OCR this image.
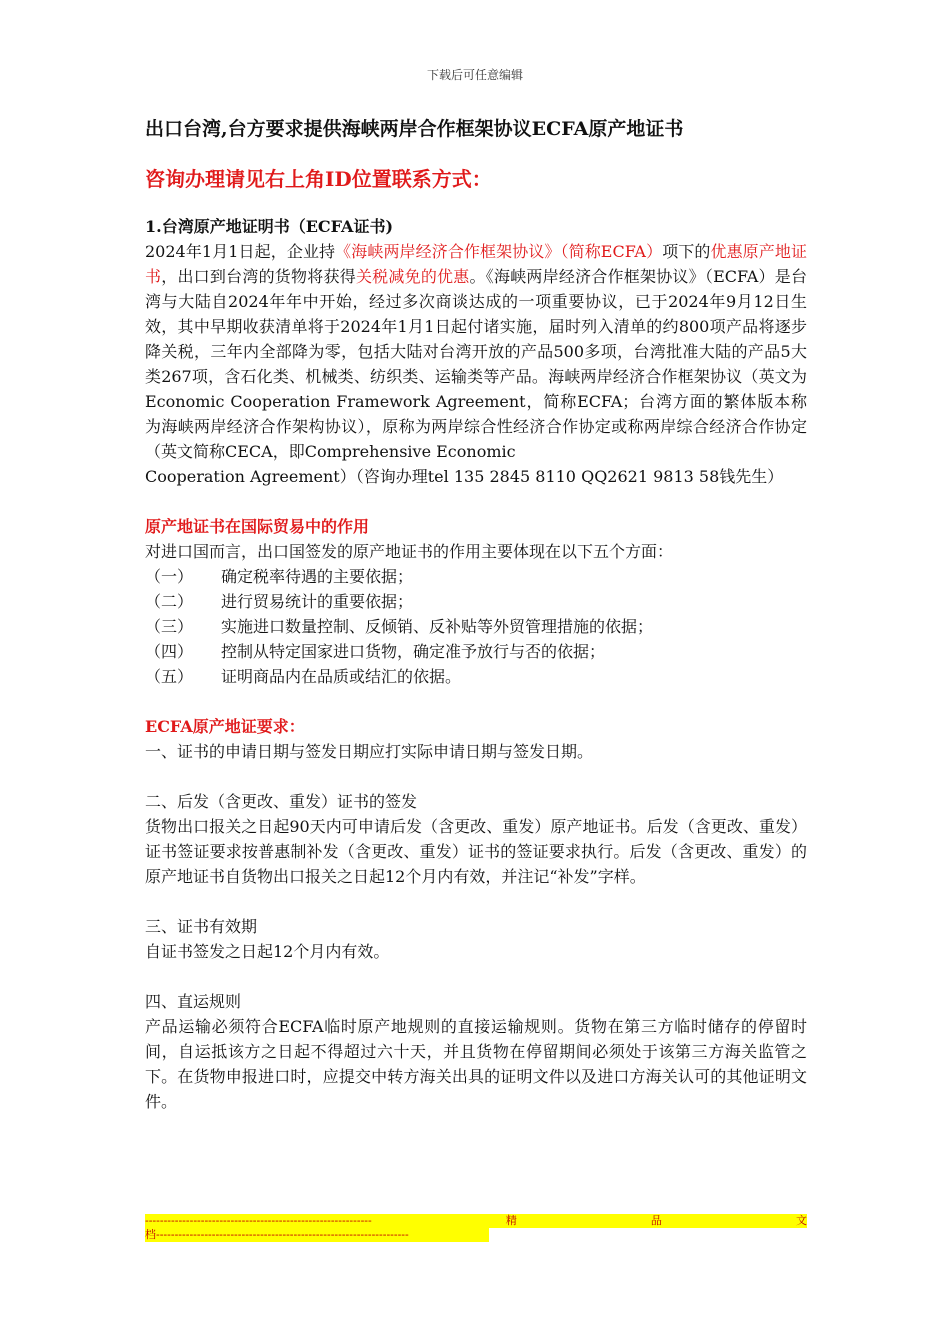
下载后可任意编辑
出口台湾,台方要求提供海峡两岸合作框架协议ECFA原产地证书
咨询办理请见右上角ID位置联系方式：
1.台湾原产地证明书（ECFA证书)

2024年1月1日起，企业持《海峡两岸经济合作框架协议》（简称ECFA）项下的优惠原产地证书，出口到台湾的货物将获得关税减免的优惠。《海峡两岸经济合作框架协议》（ECFA）是台湾与大陆自2024年年中开始，经过多次商谈达成的一项重要协议，已于2024年9月12日生效，其中早期收获清单将于2024年1月1日起付诸实施，届时列入清单的约800项产品将逐步降关税，三年内全部降为零，包括大陆对台湾开放的产品500多项，台湾批准大陆的产品5大类267项，含石化类、机械类、纺织类、运输类等产品。海峡两岸经济合作框架协议（英文为Economic Cooperation Framework Agreement，简称ECFA；台湾方面的繁体版本称为海峡两岸经济合作架构协议），原称为两岸综合性经济合作协定或称两岸综合经济合作协定（英文简称CECA，即Comprehensive Economic
Cooperation Agreement）（咨询办理tel 135 2845 8110 QQ2621 9813 58钱先生）

原产地证书在国际贸易中的作用
对进口国而言，出口国签发的原产地证书的作用主要体现在以下五个方面：
（一）	确定税率待遇的主要依据；
（二）	进行贸易统计的重要依据；
（三）	实施进口数量控制、反倾销、反补贴等外贸管理措施的依据；
（四）	控制从特定国家进口货物，确定准予放行与否的依据；
（五）	证明商品内在品质或结汇的依据。
ECFA原产地证要求：
一、证书的申请日期与签发日期应打实际申请日期与签发日期。
二、后发（含更改、重发）证书的签发

货物出口报关之日起90天内可申请后发（含更改、重发）原产地证书。后发（含更改、重发）证书签证要求按普惠制补发（含更改、重发）证书的签证要求执行。后发（含更改、重发）的原产地证书自货物出口报关之日起12个月内有效，并注记“补发”字样。

三、证书有效期
自证书签发之日起12个月内有效。
四、直运规则

产品运输必须符合ECFA临时原产地规则的直接运输规则。货物在第三方临时储存的停留时间，自运抵该方之日起不得超过六十天，并且货物在停留期间必须处于该第三方海关监管之下。在货物申报进口时，应提交中转方海关出具的证明文件以及进口方海关认可的其他证明文件。

-------------------------------------------------------------	精	品	文
档--------------------------------------------------------------------
